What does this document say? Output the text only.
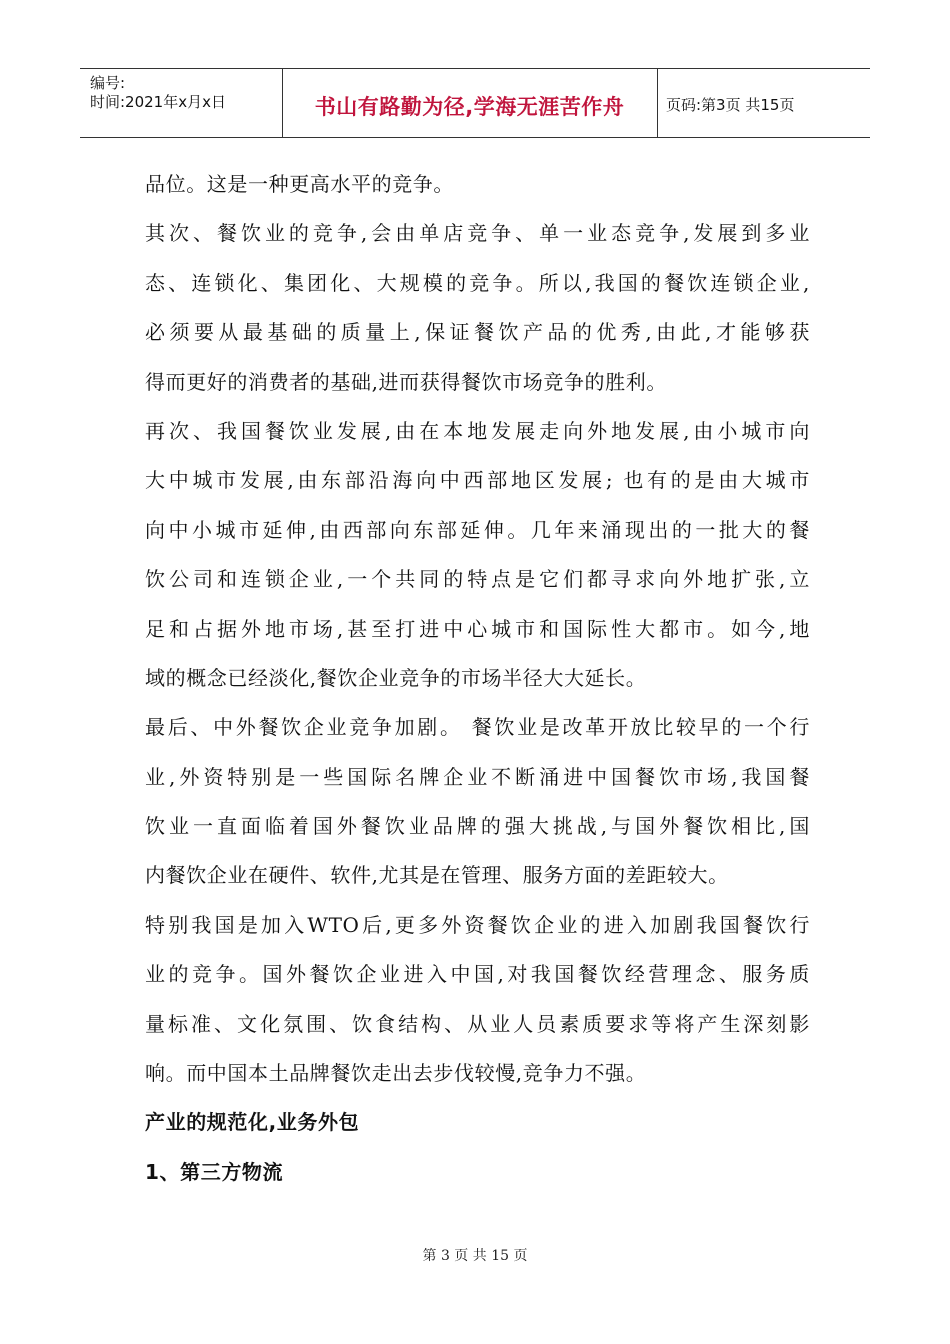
编号:
时间:2021年x月x日	书山有路勤为径,学海无涯苦作舟	页码:第3页 共15页
品位。这是一种更高水平的竞争。
其次、餐饮业的竞争,会由单店竞争、单一业态竞争,发展到多业
态、连锁化、集团化、大规模的竞争。所以,我国的餐饮连锁企业,
必须要从最基础的质量上,保证餐饮产品的优秀,由此,才能够获
得而更好的消费者的基础,进而获得餐饮市场竞争的胜利。
再次、我国餐饮业发展,由在本地发展走向外地发展,由小城市向
大中城市发展,由东部沿海向中西部地区发展; 也有的是由大城市
向中小城市延伸,由西部向东部延伸。几年来涌现出的一批大的餐
饮公司和连锁企业,一个共同的特点是它们都寻求向外地扩张,立
足和占据外地市场,甚至打进中心城市和国际性大都市。如今,地
域的概念已经淡化,餐饮企业竞争的市场半径大大延长。
最后、中外餐饮企业竞争加剧。 餐饮业是改革开放比较早的一个行
业,外资特别是一些国际名牌企业不断涌进中国餐饮市场,我国餐
饮业一直面临着国外餐饮业品牌的强大挑战,与国外餐饮相比,国
内餐饮企业在硬件、软件,尤其是在管理、服务方面的差距较大。
特别我国是加入WTO后,更多外资餐饮企业的进入加剧我国餐饮行
业的竞争。国外餐饮企业进入中国,对我国餐饮经营理念、服务质
量标准、文化氛围、饮食结构、从业人员素质要求等将产生深刻影
响。而中国本土品牌餐饮走出去步伐较慢,竞争力不强。
产业的规范化,业务外包
1、第三方物流
第 3 页 共 15 页
